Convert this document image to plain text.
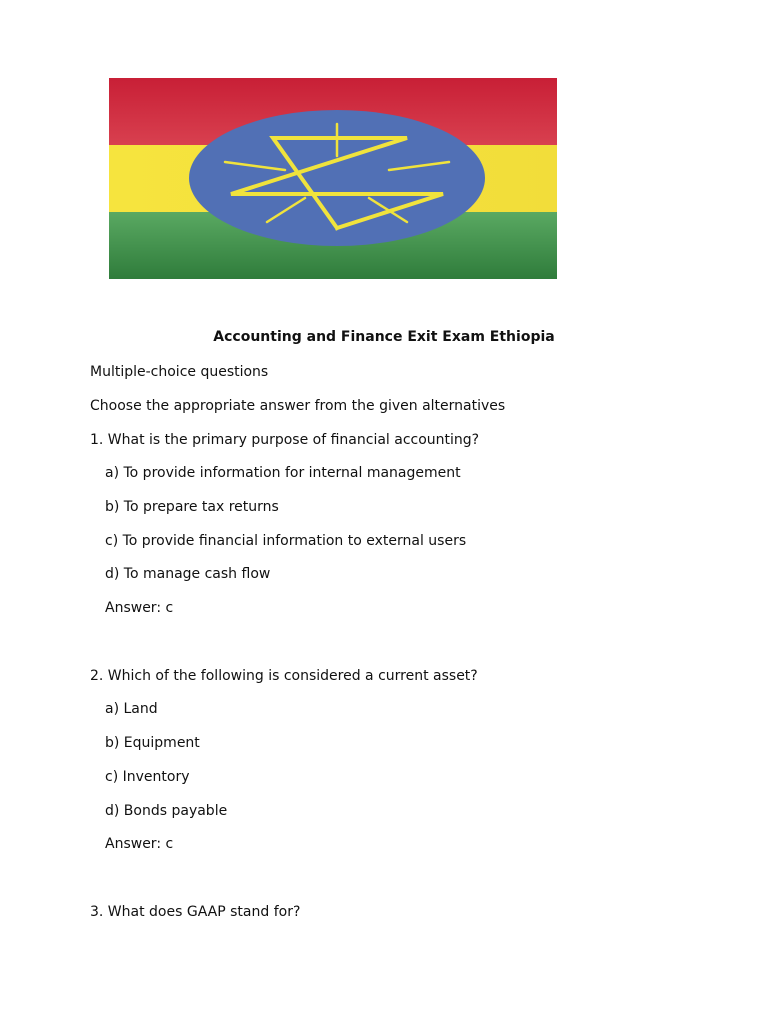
Accounting and Finance Exit Exam Ethiopia
Multiple-choice questions
Choose the appropriate answer from the given alternatives
1. What is the primary purpose of financial accounting?
a) To provide information for internal management
b) To prepare tax returns
c) To provide financial information to external users
d) To manage cash flow
Answer: c
2. Which of the following is considered a current asset?
a) Land
b) Equipment
c) Inventory
d) Bonds payable
Answer: c
3. What does GAAP stand for?
